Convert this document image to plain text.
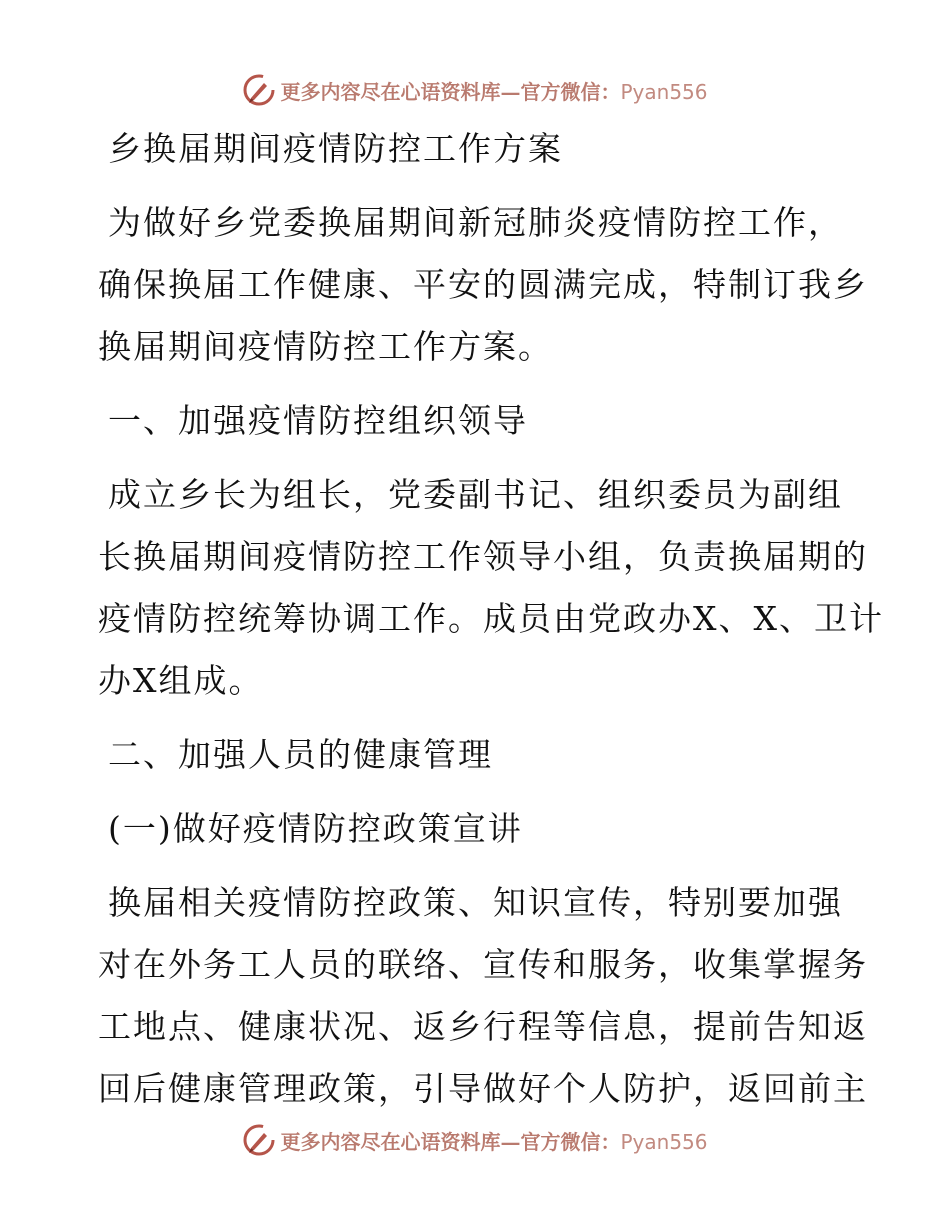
更多内容尽在心语资料库—官方微信：Pyan556

乡换届期间疫情防控工作方案

为做好乡党委换届期间新冠肺炎疫情防控工作，

确保换届工作健康、平安的圆满完成，特制订我乡

换届期间疫情防控工作方案。

一、加强疫情防控组织领导

成立乡长为组长，党委副书记、组织委员为副组

长换届期间疫情防控工作领导小组，负责换届期的

疫情防控统筹协调工作。成员由党政办X、X、卫计

办X组成。

二、加强人员的健康管理

(一)做好疫情防控政策宣讲

换届相关疫情防控政策、知识宣传，特别要加强

对在外务工人员的联络、宣传和服务，收集掌握务

工地点、健康状况、返乡行程等信息，提前告知返

回后健康管理政策，引导做好个人防护，返回前主

更多内容尽在心语资料库—官方微信：Pyan556
